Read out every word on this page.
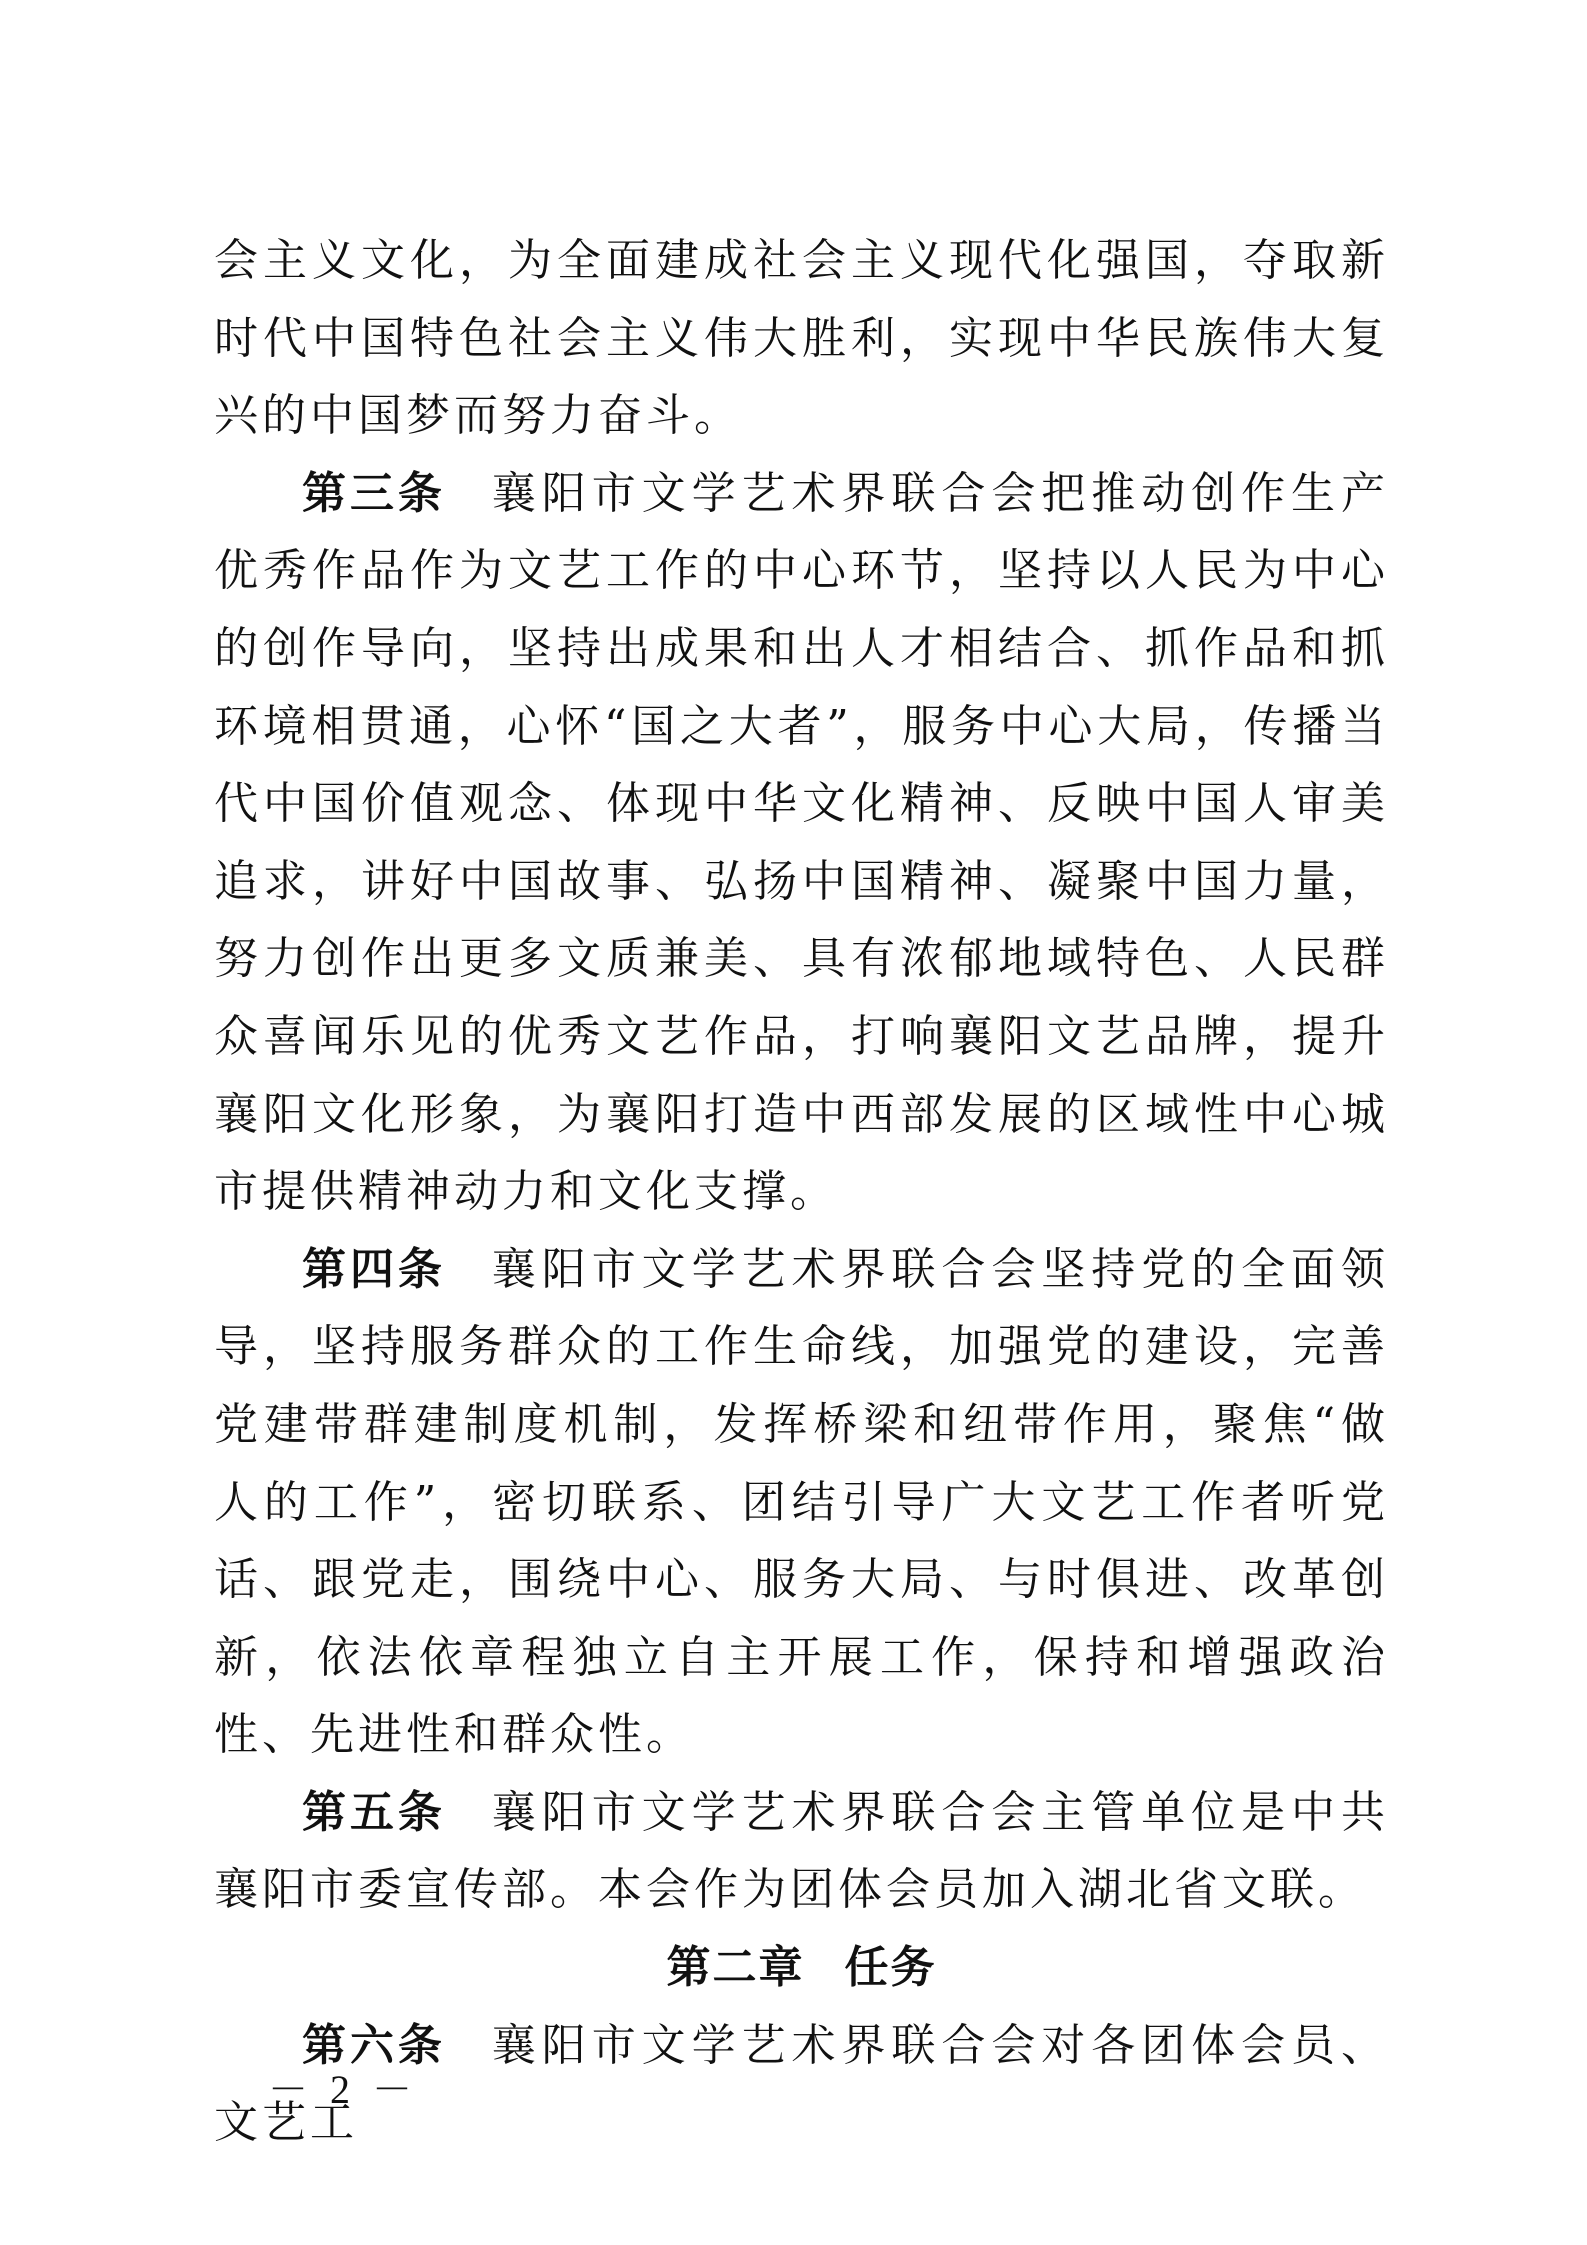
会主义文化，为全面建成社会主义现代化强国，夺取新时代中国特色社会主义伟大胜利，实现中华民族伟大复兴的中国梦而努力奋斗。

第三条 襄阳市文学艺术界联合会把推动创作生产优秀作品作为文艺工作的中心环节，坚持以人民为中心的创作导向，坚持出成果和出人才相结合、抓作品和抓环境相贯通，心怀“国之大者”，服务中心大局，传播当代中国价值观念、体现中华文化精神、反映中国人审美追求，讲好中国故事、弘扬中国精神、凝聚中国力量，努力创作出更多文质兼美、具有浓郁地域特色、人民群众喜闻乐见的优秀文艺作品，打响襄阳文艺品牌，提升襄阳文化形象，为襄阳打造中西部发展的区域性中心城市提供精神动力和文化支撑。

第四条 襄阳市文学艺术界联合会坚持党的全面领导，坚持服务群众的工作生命线，加强党的建设，完善党建带群建制度机制，发挥桥梁和纽带作用，聚焦“做人的工作”，密切联系、团结引导广大文艺工作者听党话、跟党走，围绕中心、服务大局、与时俱进、改革创新，依法依章程独立自主开展工作，保持和增强政治性、先进性和群众性。

第五条 襄阳市文学艺术界联合会主管单位是中共襄阳市委宣传部。本会作为团体会员加入湖北省文联。

第二章 任务

第六条 襄阳市文学艺术界联合会对各团体会员、文艺工

－ 2 －
